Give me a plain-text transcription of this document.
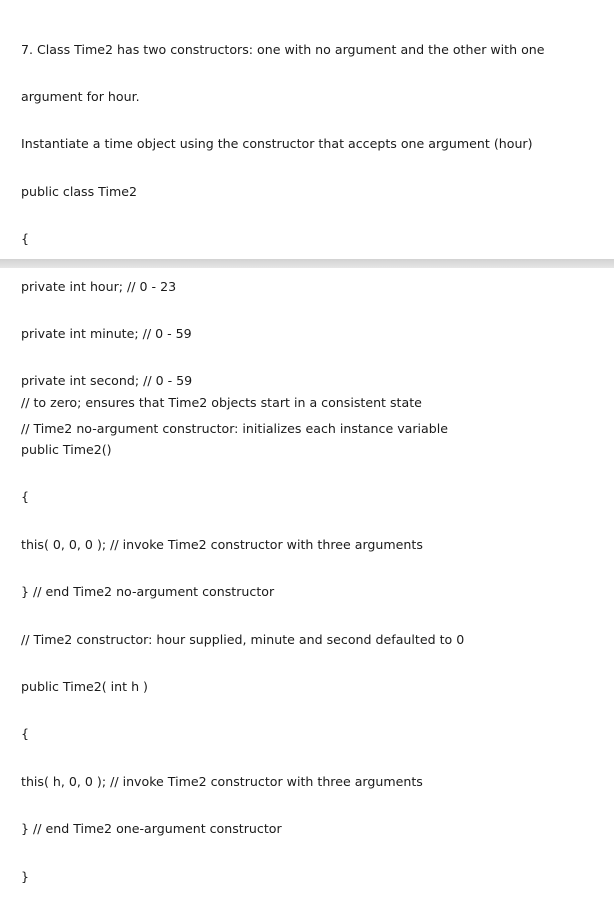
7. Class Time2 has two constructors: one with no argument and the other with one

argument for hour.

Instantiate a time object using the constructor that accepts one argument (hour)

public class Time2

{

private int hour; // 0 - 23

private int minute; // 0 - 59

private int second; // 0 - 59

// Time2 no-argument constructor: initializes each instance variable

// to zero; ensures that Time2 objects start in a consistent state

public Time2()

{

this( 0, 0, 0 ); // invoke Time2 constructor with three arguments

} // end Time2 no-argument constructor

// Time2 constructor: hour supplied, minute and second defaulted to 0

public Time2( int h )

{

this( h, 0, 0 ); // invoke Time2 constructor with three arguments

} // end Time2 one-argument constructor

}
